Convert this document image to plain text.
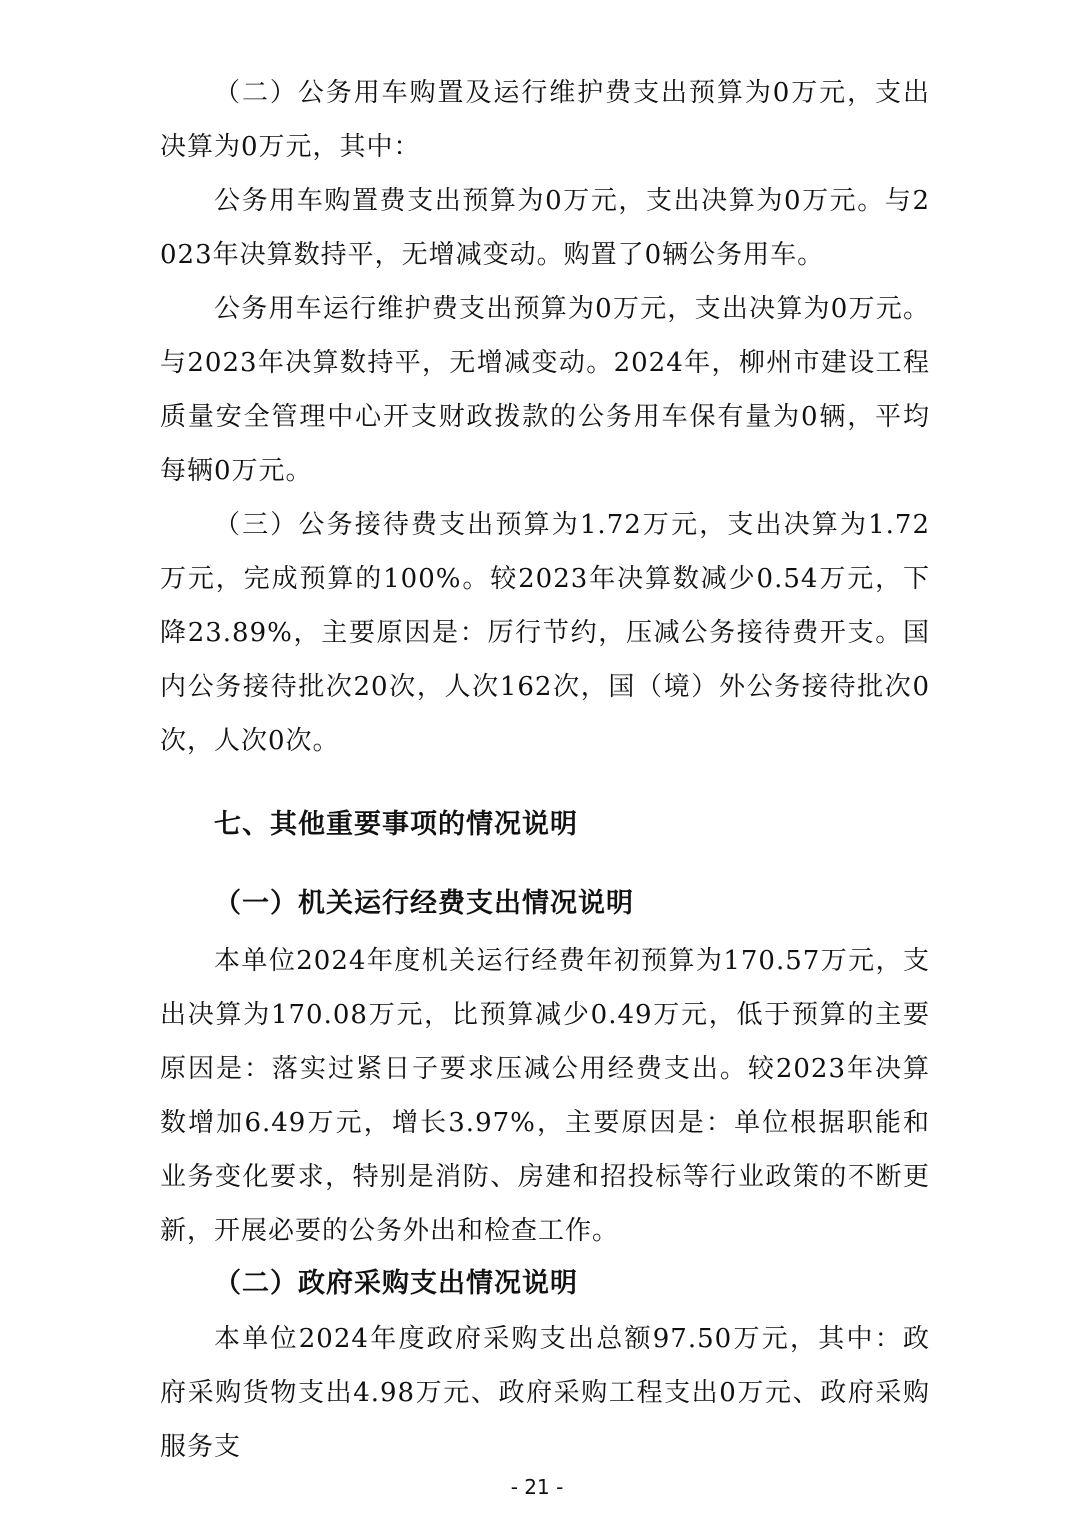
（二）公务用车购置及运行维护费支出预算为0万元，支出决算为0万元，其中：

公务用车购置费支出预算为0万元，支出决算为0万元。与2023年决算数持平，无增减变动。购置了0辆公务用车。

公务用车运行维护费支出预算为0万元，支出决算为0万元。与2023年决算数持平，无增减变动。2024年，柳州市建设工程质量安全管理中心开支财政拨款的公务用车保有量为0辆，平均每辆0万元。

（三）公务接待费支出预算为1.72万元，支出决算为1.72万元，完成预算的100%。较2023年决算数减少0.54万元，下降23.89%，主要原因是：厉行节约，压减公务接待费开支。国内公务接待批次20次，人次162次，国（境）外公务接待批次0次，人次0次。

七、其他重要事项的情况说明
（一）机关运行经费支出情况说明

本单位2024年度机关运行经费年初预算为170.57万元，支出决算为170.08万元，比预算减少0.49万元，低于预算的主要原因是：落实过紧日子要求压减公用经费支出。较2023年决算数增加6.49万元，增长3.97%，主要原因是：单位根据职能和业务变化要求，特别是消防、房建和招投标等行业政策的不断更新，开展必要的公务外出和检查工作。

（二）政府采购支出情况说明

本单位2024年度政府采购支出总额97.50万元，其中：政府采购货物支出4.98万元、政府采购工程支出0万元、政府采购服务支

- 21 -
